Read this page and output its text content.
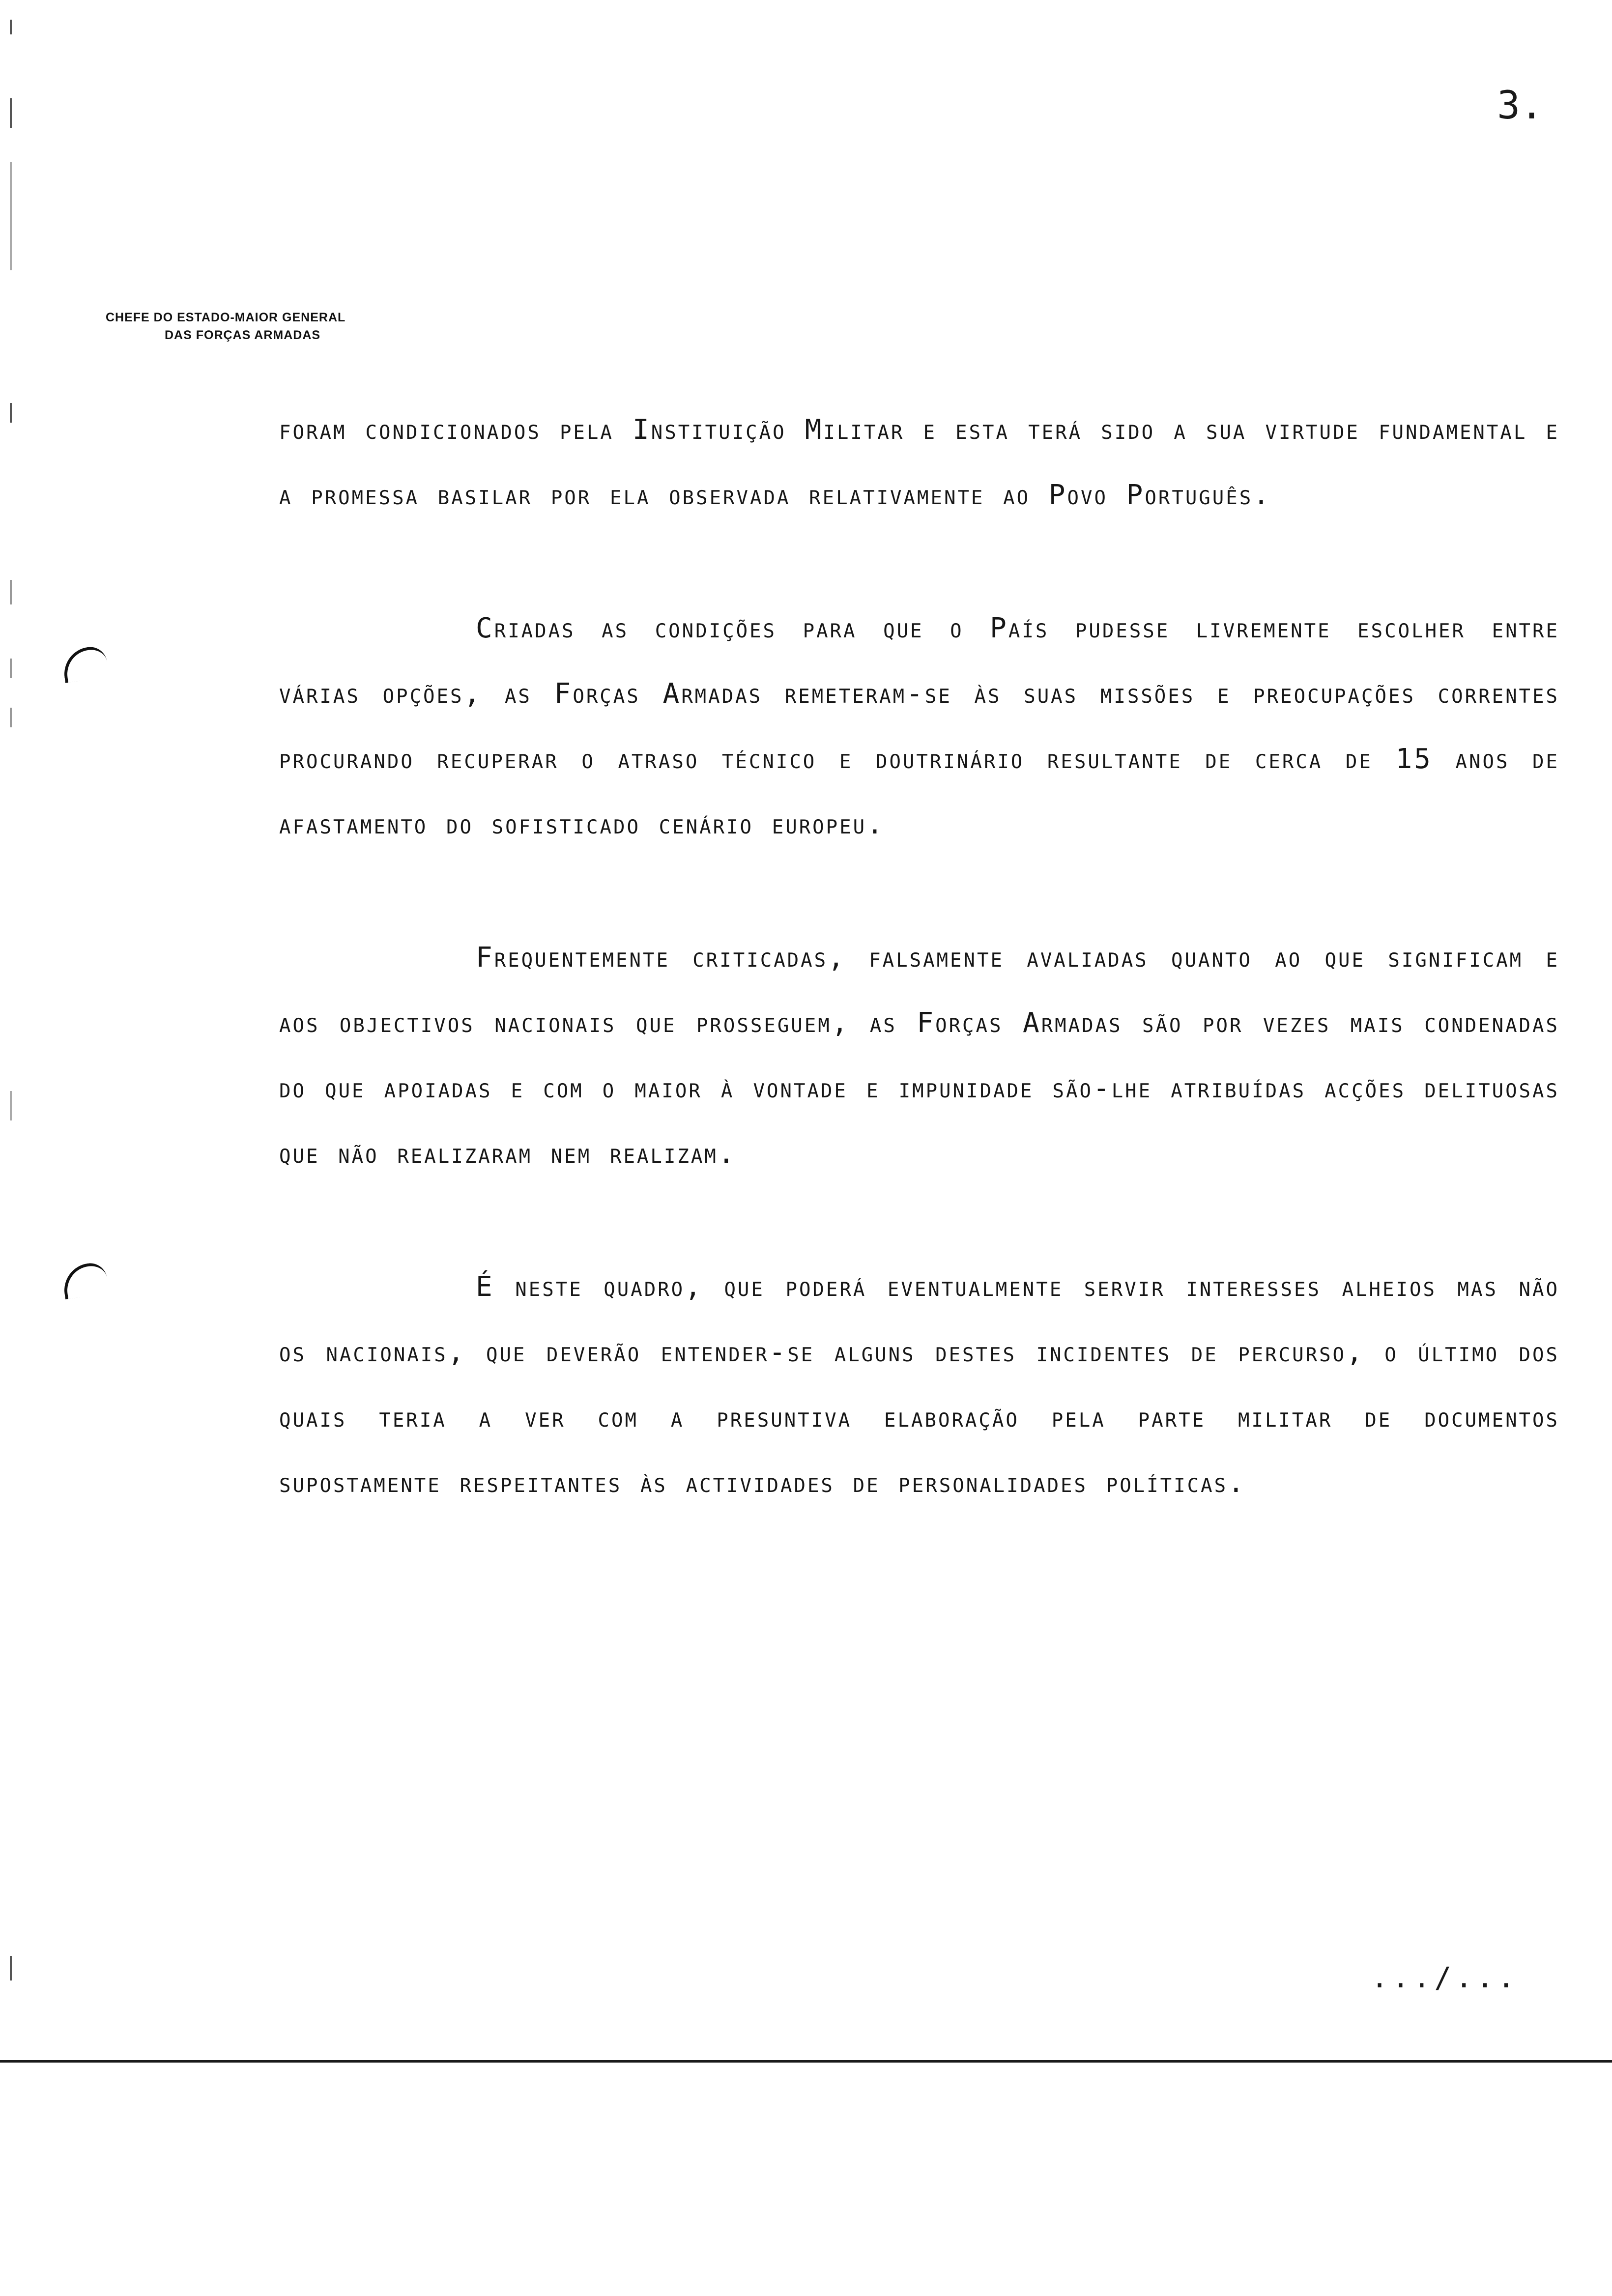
3.
CHEFE DO ESTADO-MAIOR GENERAL
DAS FORÇAS ARMADAS

foram condicionados pela Instituição Militar e esta terá sido a sua virtude fundamental e a promessa basilar por ela observada relativamente ao Povo Português.

Criadas as condições para que o País pudesse livremente escolher entre várias opções, as Forças Armadas remeteram-se às suas missões e preocupações correntes procurando recuperar o atraso técnico e doutrinário resultante de cerca de 15 anos de afastamento do sofisticado cenário europeu.

Frequentemente criticadas, falsamente avaliadas quanto ao que significam e aos objectivos nacionais que prosseguem, as Forças Armadas são por vezes mais condenadas do que apoiadas e com o maior à vontade e impunidade são-lhe atribuídas acções delituosas que não realizaram nem realizam.

É neste quadro, que poderá eventualmente servir interesses alheios mas não os nacionais, que deverão entender-se alguns destes incidentes de percurso, o último dos quais teria a ver com a presuntiva elaboração pela parte militar de documentos supostamente respeitantes às actividades de personalidades políticas.

.../...
